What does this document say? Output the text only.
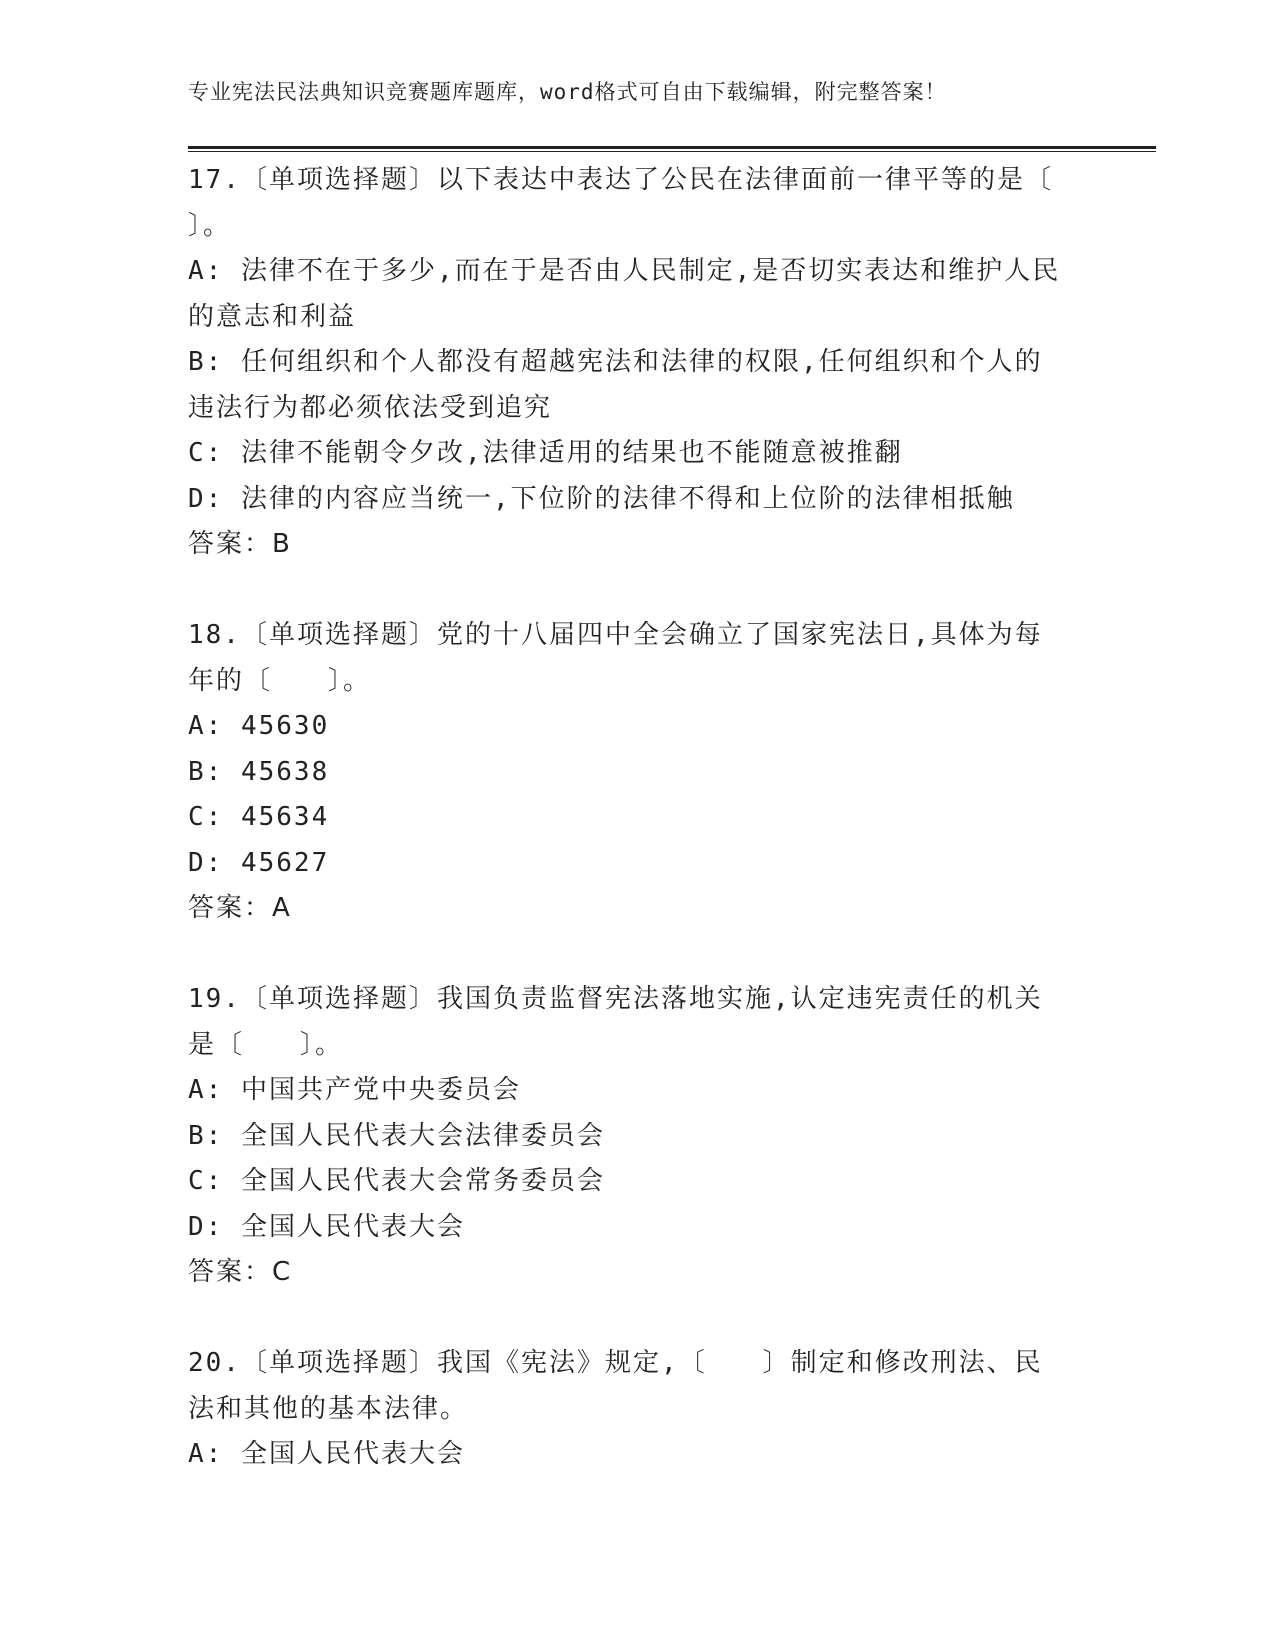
专业宪法民法典知识竞赛题库题库，word格式可自由下载编辑，附完整答案！
17.〔单项选择题〕以下表达中表达了公民在法律面前一律平等的是〔 〕。
A: 法律不在于多少,而在于是否由人民制定,是否切实表达和维护人民的意志和利益
B: 任何组织和个人都没有超越宪法和法律的权限,任何组织和个人的违法行为都必须依法受到追究
C: 法律不能朝令夕改,法律适用的结果也不能随意被推翻
D: 法律的内容应当统一,下位阶的法律不得和上位阶的法律相抵触
答案：B
18.〔单项选择题〕党的十八届四中全会确立了国家宪法日,具体为每年的〔　　〕。
A: 45630
B: 45638
C: 45634
D: 45627
答案：A
19.〔单项选择题〕我国负责监督宪法落地实施,认定违宪责任的机关是〔　　〕。
A: 中国共产党中央委员会
B: 全国人民代表大会法律委员会
C: 全国人民代表大会常务委员会
D: 全国人民代表大会
答案：C
20.〔单项选择题〕我国《宪法》规定,〔　　〕制定和修改刑法、民法和其他的基本法律。
A: 全国人民代表大会
